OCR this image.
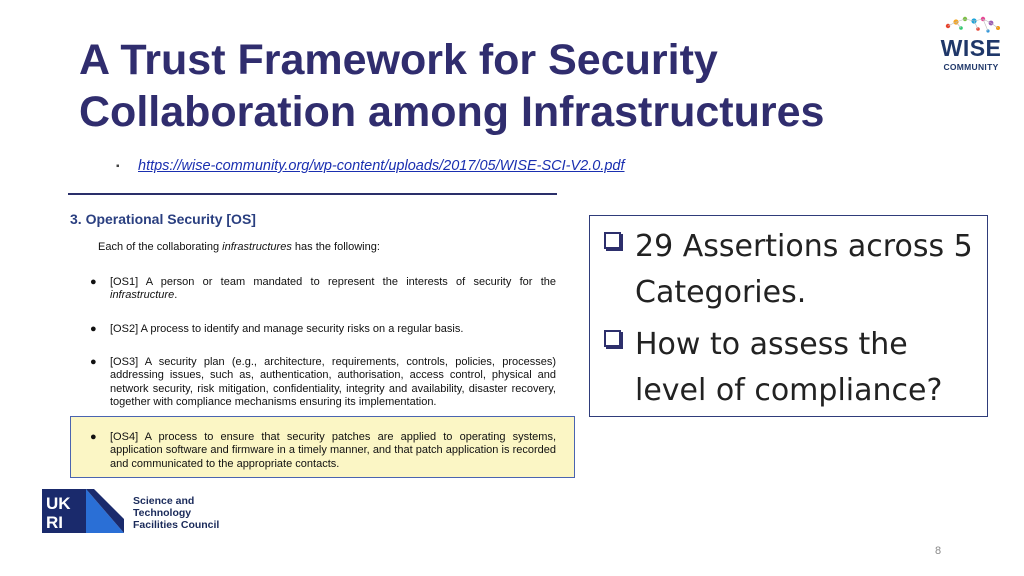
A Trust Framework for Security
Collaboration among Infrastructures
WISE
COMMUNITY
▪	https://wise-community.org/wp-content/uploads/2017/05/WISE-SCI-V2.0.pdf
3. Operational Security [OS]
Each of the collaborating infrastructures has the following:
● [OS1] A person or team mandated to represent the interests of security for the infrastructure.
● [OS2] A process to identify and manage security risks on a regular basis.
● [OS3] A security plan (e.g., architecture, requirements, controls, policies, processes) addressing issues, such as, authentication, authorisation, access control, physical and network security, risk mitigation, confidentiality, integrity and availability, disaster recovery, together with compliance mechanisms ensuring its implementation.
● [OS4] A process to ensure that security patches are applied to operating systems, application software and firmware in a timely manner, and that patch application is recorded and communicated to the appropriate contacts.
29 Assertions across 5 Categories.
How to assess the level of compliance?
UK
RI
Science and
Technology
Facilities Council
8
